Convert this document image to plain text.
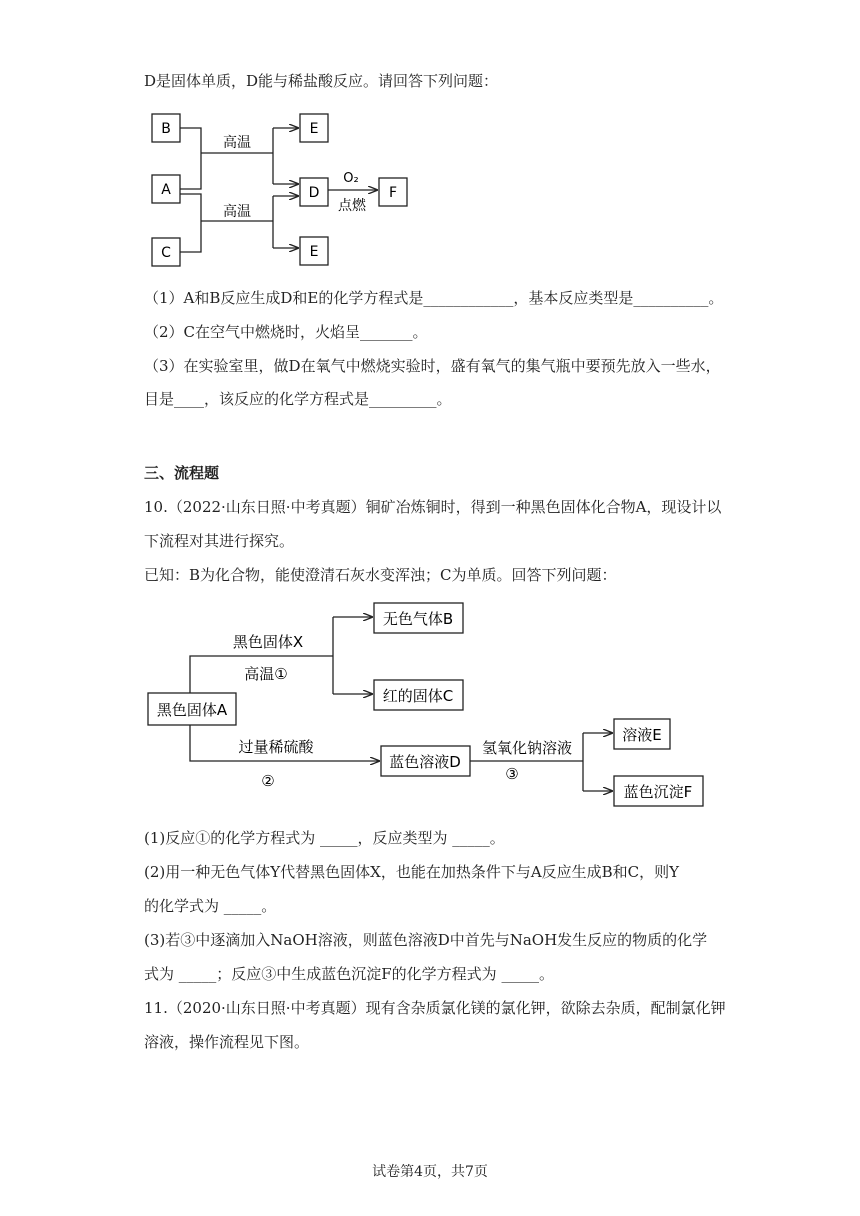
D是固体单质，D能与稀盐酸反应。请回答下列问题：
B
A
C
E
D	F
E
高温
高温
O₂
点燃
黑色固体A
无色气体B
红的固体C
蓝色溶液D
溶液E
蓝色沉淀F
黑色固体X
高温①
过量稀硫酸
②
氢氧化钠溶液
③
（1）A和B反应生成D和E的化学方程式是____________，基本反应类型是__________。
（2）C在空气中燃烧时，火焰呈_______。
（3）在实验室里，做D在氧气中燃烧实验时，盛有氧气的集气瓶中要预先放入一些水，
目是____，该反应的化学方程式是_________。
三、流程题
10.（2022·山东日照·中考真题）铜矿冶炼铜时，得到一种黑色固体化合物A，现设计以
下流程对其进行探究。
已知：B为化合物，能使澄清石灰水变浑浊；C为单质。回答下列问题：
(1)反应①的化学方程式为 _____，反应类型为 _____。
(2)用一种无色气体Y代替黑色固体X，也能在加热条件下与A反应生成B和C，则Y
的化学式为 _____。
(3)若③中逐滴加入NaOH溶液，则蓝色溶液D中首先与NaOH发生反应的物质的化学
式为 _____；反应③中生成蓝色沉淀F的化学方程式为 _____。
11.（2020·山东日照·中考真题）现有含杂质氯化镁的氯化钾，欲除去杂质，配制氯化钾
溶液，操作流程见下图。
试卷第4页，共7页
